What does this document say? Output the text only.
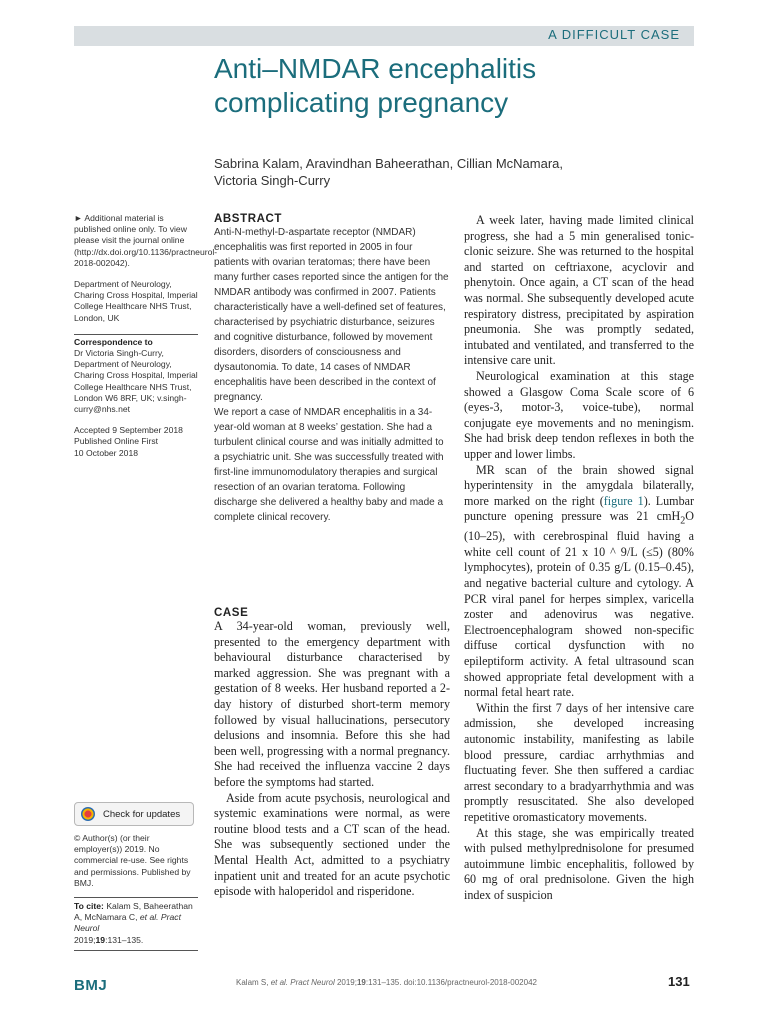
A DIFFICULT CASE
Anti–NMDAR encephalitis
complicating pregnancy

Sabrina Kalam, Aravindhan Baheerathan, Cillian McNamara,
Victoria Singh-Curry

► Additional material is published online only. To view please visit the journal online (http://dx.doi.org/10.1136/practneurol-2018-002042).

Department of Neurology, Charing Cross Hospital, Imperial College Healthcare NHS Trust, London, UK

Correspondence to
Dr Victoria Singh-Curry, Department of Neurology, Charing Cross Hospital, Imperial College Healthcare NHS Trust, London W6 8RF, UK; v.singh-curry@nhs.net

Accepted 9 September 2018
Published Online First
10 October 2018

Check for updates

© Author(s) (or their employer(s)) 2019. No commercial re-use. See rights and permissions. Published by BMJ.

To cite: Kalam S, Baheerathan A, McNamara C, et al. Pract Neurol
2019;19:131–135.

ABSTRACT

Anti-N-methyl-D-aspartate receptor (NMDAR) encephalitis was first reported in 2005 in four patients with ovarian teratomas; there have been many further cases reported since the antigen for the NMDAR antibody was confirmed in 2007. Patients characteristically have a well-defined set of features, characterised by psychiatric disturbance, seizures and cognitive disturbance, followed by movement disorders, disorders of consciousness and dysautonomia. To date, 14 cases of NMDAR encephalitis have been described in the context of pregnancy.

We report a case of NMDAR encephalitis in a 34-year-old woman at 8 weeks’ gestation. She had a turbulent clinical course and was initially admitted to a psychiatric unit. She was successfully treated with first-line immunomodulatory therapies and surgical resection of an ovarian teratoma. Following discharge she delivered a healthy baby and made a complete clinical recovery.

CASE

A 34-year-old woman, previously well, presented to the emergency department with behavioural disturbance characterised by marked aggression. She was pregnant with a gestation of 8 weeks. Her husband reported a 2-day history of disturbed short-term memory followed by visual hallucinations, persecutory delusions and insomnia. Before this she had been well, progressing with a normal pregnancy. She had received the influenza vaccine 2 days before the symptoms had started.

Aside from acute psychosis, neurological and systemic examinations were normal, as were routine blood tests and a CT scan of the head. She was subsequently sectioned under the Mental Health Act, admitted to a psychiatry inpatient unit and treated for an acute psychotic episode with haloperidol and risperidone.

A week later, having made limited clinical progress, she had a 5 min generalised tonic-clonic seizure. She was returned to the hospital and started on ceftriaxone, acyclovir and phenytoin. Once again, a CT scan of the head was normal. She subsequently developed acute respiratory distress, precipitated by aspiration pneumonia. She was promptly sedated, intubated and ventilated, and transferred to the intensive care unit.

Neurological examination at this stage showed a Glasgow Coma Scale score of 6 (eyes-3, motor-3, voice-tube), normal conjugate eye movements and no meningism. She had brisk deep tendon reflexes in both the upper and lower limbs.

MR scan of the brain showed signal hyperintensity in the amygdala bilaterally, more marked on the right (figure 1). Lumbar puncture opening pressure was 21 cmH$_2$O (10–25), with cerebrospinal fluid having a white cell count of 21 x 10 ^ 9/L (≤5) (80% lymphocytes), protein of 0.35 g/L (0.15–0.45), and negative bacterial culture and cytology. A PCR viral panel for herpes simplex, varicella zoster and adenovirus was negative. Electroencephalogram showed non-specific diffuse cortical dysfunction with no epileptiform activity. A fetal ultrasound scan showed appropriate fetal development with a normal fetal heart rate.

Within the first 7 days of her intensive care admission, she developed increasing autonomic instability, manifesting as labile blood pressure, cardiac arrhythmias and fluctuating fever. She then suffered a cardiac arrest secondary to a bradyarrhythmia and was promptly resuscitated. She also developed repetitive oromasticatory movements.

At this stage, she was empirically treated with pulsed methylprednisolone for presumed autoimmune limbic encephalitis, followed by 60 mg of oral prednisolone. Given the high index of suspicion

BMJ	Kalam S, et al. Pract Neurol 2019;19:131–135. doi:10.1136/practneurol-2018-002042	131
